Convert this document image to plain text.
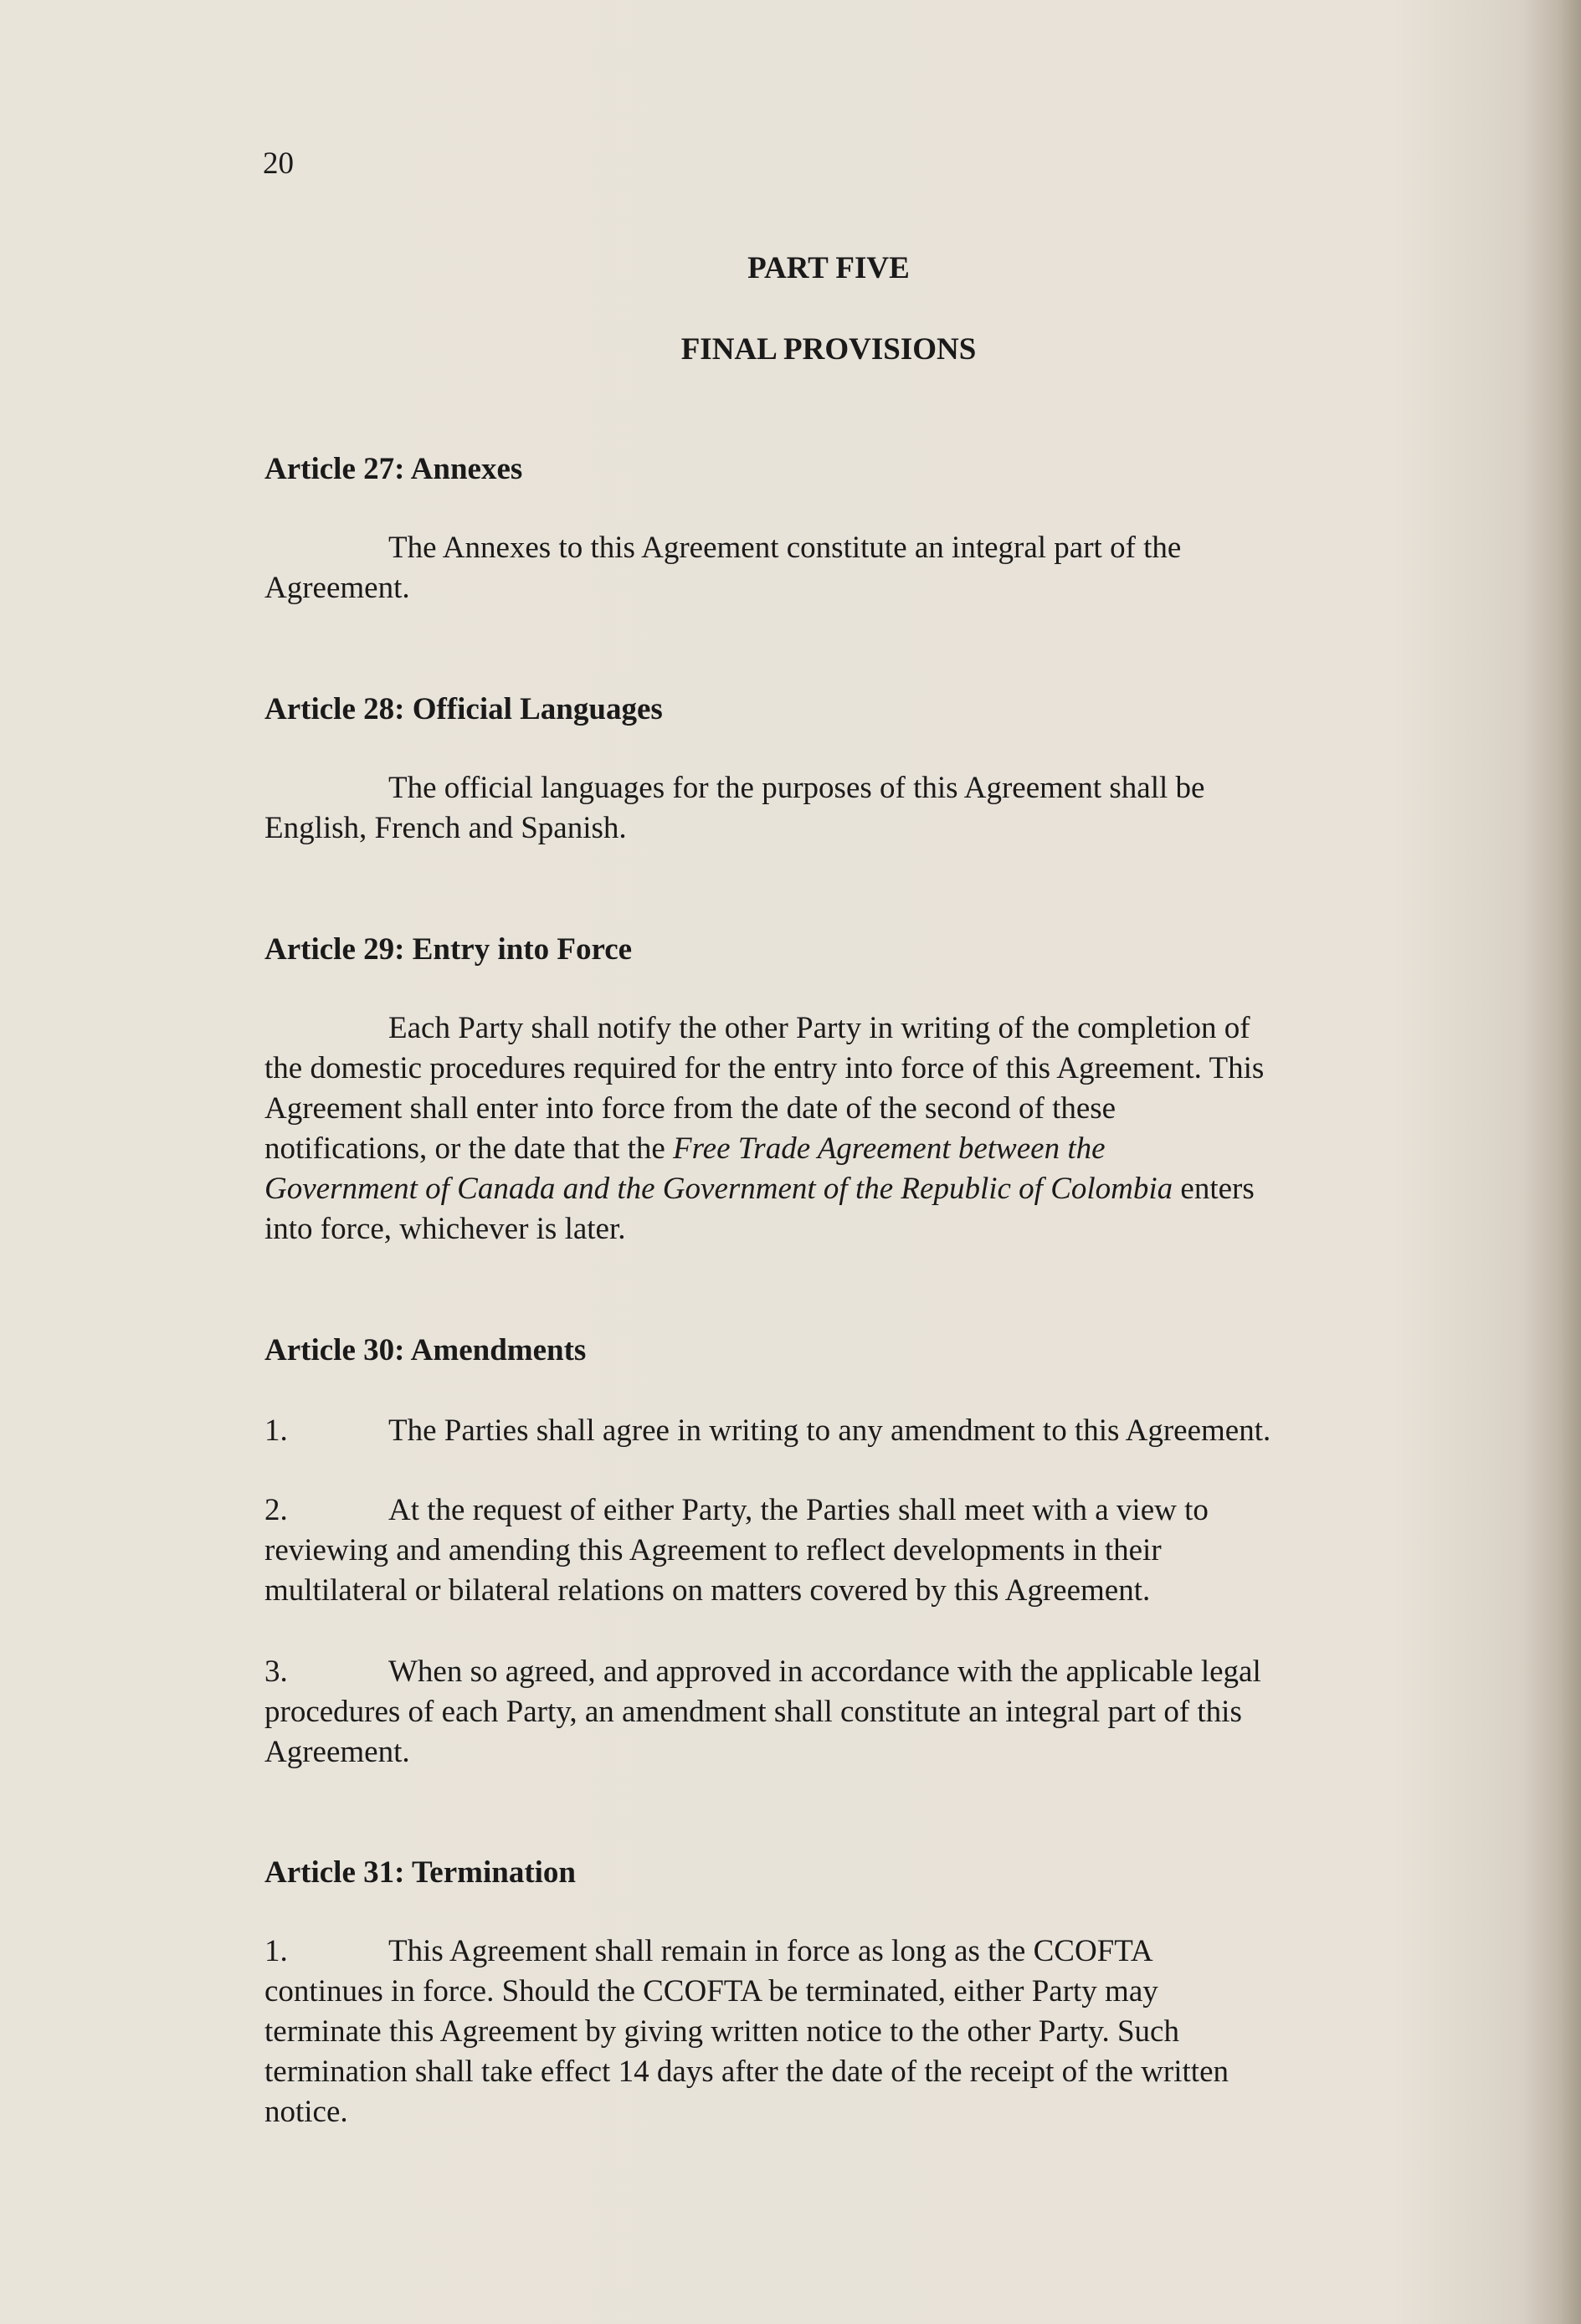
20
PART FIVE
FINAL PROVISIONS
Article 27: Annexes
The Annexes to this Agreement constitute an integral part of the
Agreement.
Article 28: Official Languages
The official languages for the purposes of this Agreement shall be
English, French and Spanish.
Article 29: Entry into Force
Each Party shall notify the other Party in writing of the completion of
the domestic procedures required for the entry into force of this Agreement. This
Agreement shall enter into force from the date of the second of these
notifications, or the date that the Free Trade Agreement between the
Government of Canada and the Government of the Republic of Colombia enters
into force, whichever is later.
Article 30: Amendments
1.	The Parties shall agree in writing to any amendment to this Agreement.
2.	At the request of either Party, the Parties shall meet with a view to
reviewing and amending this Agreement to reflect developments in their
multilateral or bilateral relations on matters covered by this Agreement.
3.	When so agreed, and approved in accordance with the applicable legal
procedures of each Party, an amendment shall constitute an integral part of this
Agreement.
Article 31: Termination
1.	This Agreement shall remain in force as long as the CCOFTA
continues in force. Should the CCOFTA be terminated, either Party may
terminate this Agreement by giving written notice to the other Party. Such
termination shall take effect 14 days after the date of the receipt of the written
notice.
